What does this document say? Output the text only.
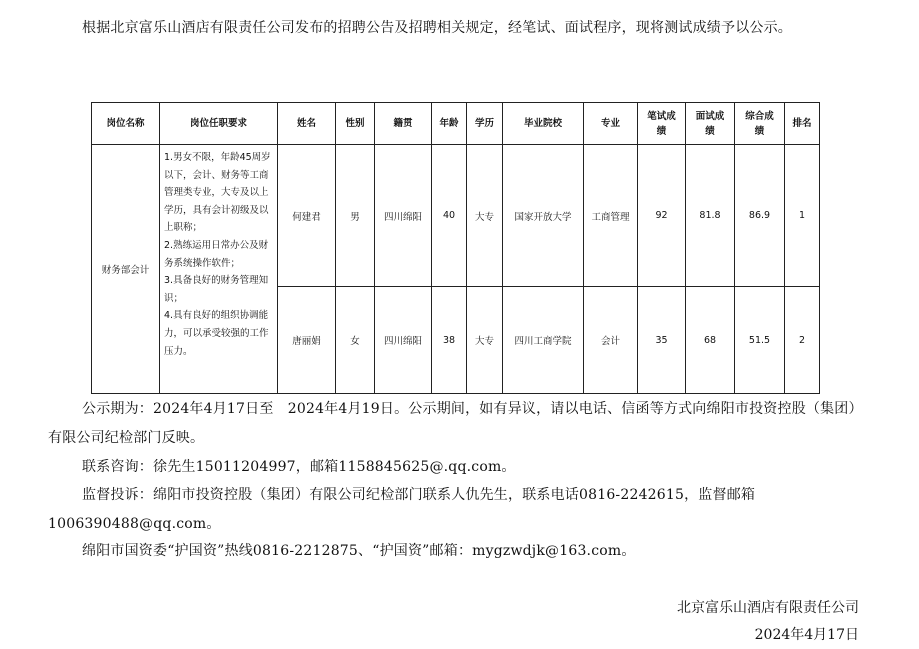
根据北京富乐山酒店有限责任公司发布的招聘公告及招聘相关规定，经笔试、面试程序，现将测试成绩予以公示。
岗位名称	岗位任职要求	姓名	性别	籍贯	年龄	学历	毕业院校	专业	笔试成绩	面试成绩	综合成绩	排名
财务部会计	1.男女不限，年龄45周岁以下，会计、财务等工商管理类专业，大专及以上学历，具有会计初级及以上职称；
2.熟练运用日常办公及财务系统操作软件；
3.具备良好的财务管理知识；
4.具有良好的组织协调能力，可以承受较强的工作压力。	何建君	男	四川绵阳	40	大专	国家开放大学	工商管理	92	81.8	86.9	1
		唐丽娟	女	四川绵阳	38	大专	四川工商学院	会计	35	68	51.5	2
公示期为：2024年4月17日至　2024年4月19日。公示期间，如有异议，请以电话、信函等方式向绵阳市投资控股（集团）有限公司纪检部门反映。
联系咨询：徐先生15011204997，邮箱1158845625@.qq.com。
监督投诉：绵阳市投资控股（集团）有限公司纪检部门联系人仇先生，联系电话0816-2242615，监督邮箱1006390488@qq.com。
绵阳市国资委“护国资”热线0816-2212875、“护国资”邮箱：mygzwdjk@163.com。
北京富乐山酒店有限责任公司
2024年4月17日
